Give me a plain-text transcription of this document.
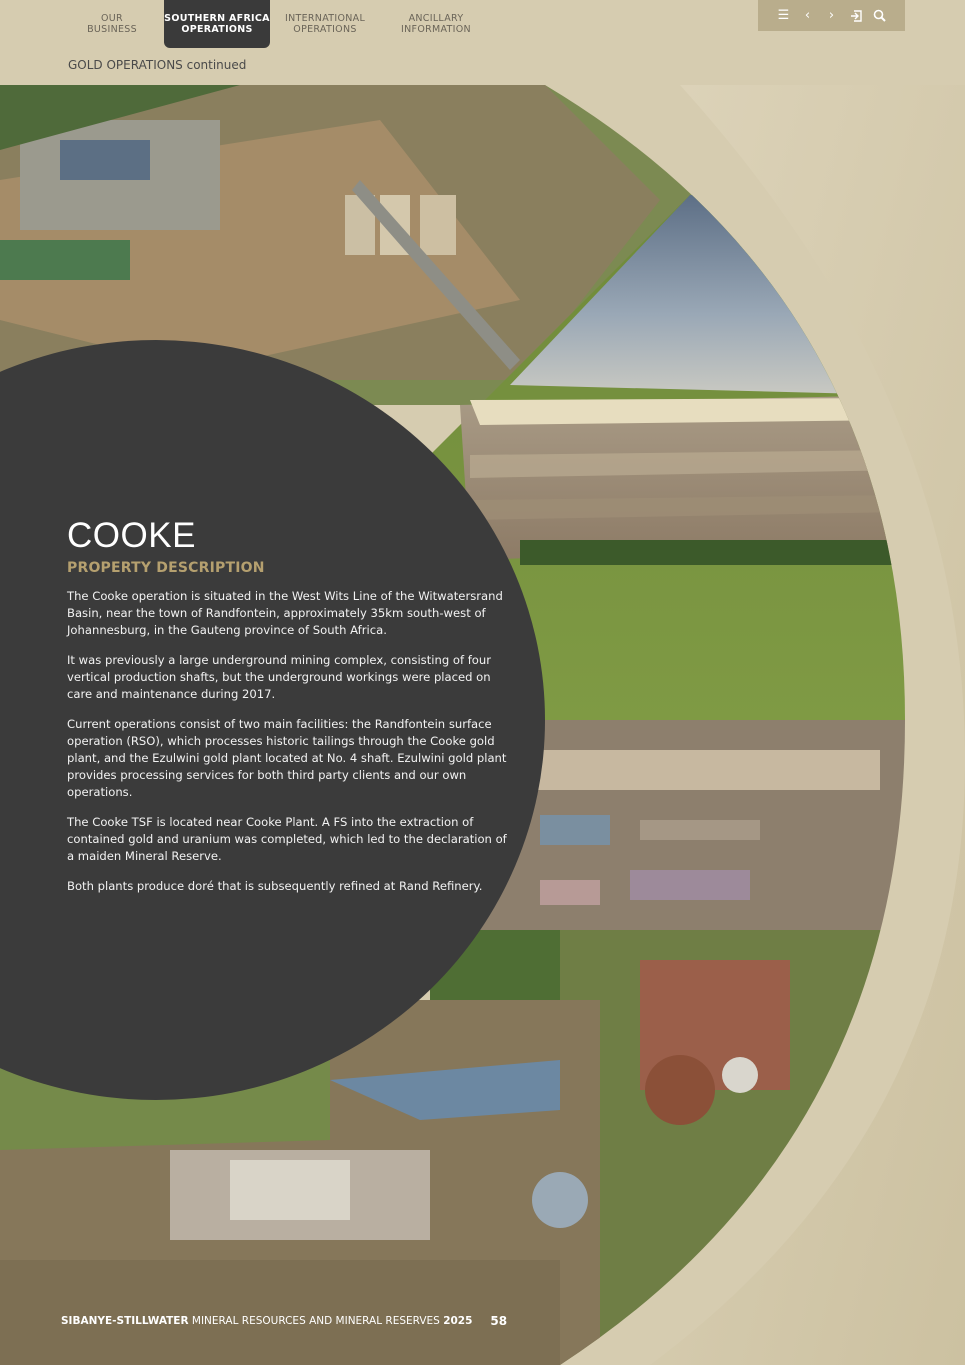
COOKE
PROPERTY DESCRIPTION

The Cooke operation is situated in the West Wits Line of the Witwatersrand Basin, near the town of Randfontein, approximately 35km south-west of Johannesburg, in the Gauteng province of South Africa.

It was previously a large underground mining complex, consisting of four vertical production shafts, but the underground workings were placed on care and maintenance during 2017.

Current operations consist of two main facilities: the Randfontein surface operation (RSO), which processes historic tailings through the Cooke gold plant, and the Ezulwini gold plant located at No. 4 shaft. Ezulwini gold plant provides processing services for both third party clients and our own operations.

The Cooke TSF is located near Cooke Plant. A FS into the extraction of contained gold and uranium was completed, which led to the declaration of a maiden Mineral Reserve.

Both plants produce doré that is subsequently refined at Rand Refinery.

OUR
BUSINESS
SOUTHERN AFRICA
OPERATIONS
INTERNATIONAL
OPERATIONS
ANCILLARY
INFORMATION
☰	‹	›
GOLD OPERATIONS continued
SIBANYE-STILLWATER MINERAL RESOURCES AND MINERAL RESERVES 2025 58
